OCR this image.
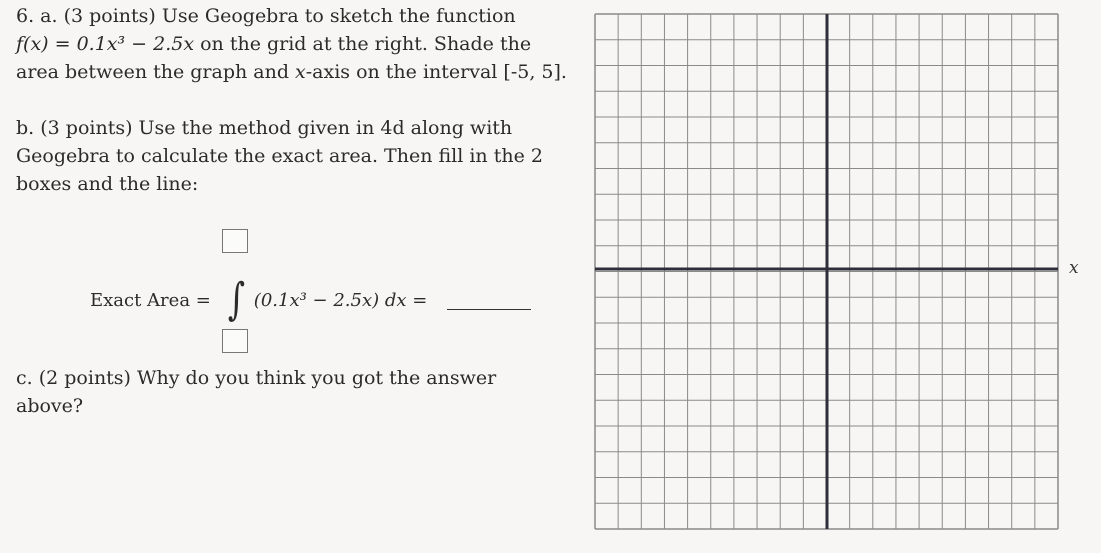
6. a. (3 points) Use Geogebra to sketch the function
f(x) = 0.1x³ − 2.5x on the grid at the right. Shade the
area between the graph and x-axis on the interval [-5, 5].
b. (3 points) Use the method given in 4d along with
Geogebra to calculate the exact area. Then fill in the 2
boxes and the line:
Exact Area = ∫ (0.1x³ − 2.5x) dx =
c. (2 points) Why do you think you got the answer
above?
x
